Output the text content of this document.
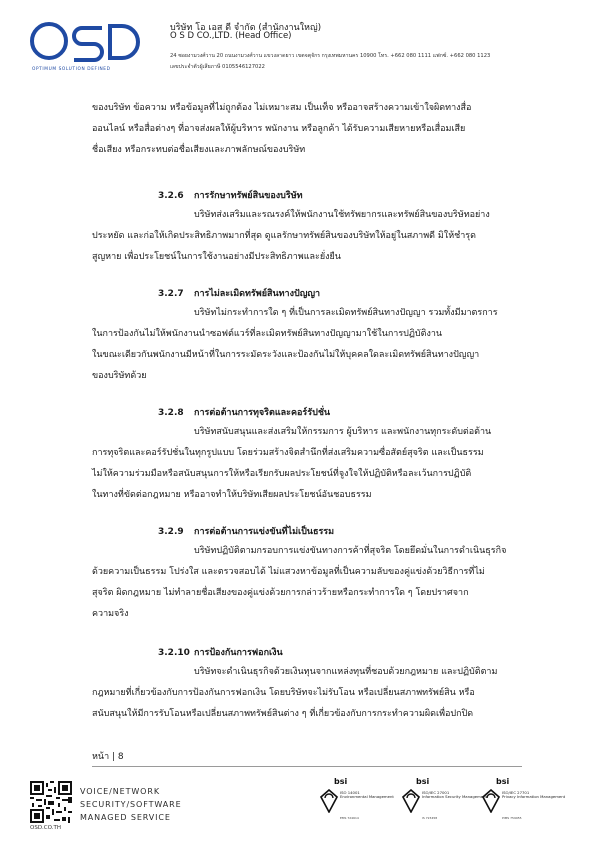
OPTIMUM SOLUTION DEFINED
บริษัท โอ เอส ดี จำกัด (สำนักงานใหญ่)
O S D CO.,LTD. (Head Office)
24 ซอยงามวงศ์วาน 20 ถนนงามวงศ์วาน แขวงลาดยาว เขตจตุจักร กรุงเทพมหานคร 10900 โทร. +662 080 1111 แฟกซ์. +662 080 1123
เลขประจำตัวผู้เสียภาษี 0105546127022
ของบริษัท ข้อความ หรือข้อมูลที่ไม่ถูกต้อง ไม่เหมาะสม เป็นเท็จ หรืออาจสร้างความเข้าใจผิดทางสื่อ
ออนไลน์ หรือสื่อต่างๆ ที่อาจส่งผลให้ผู้บริหาร พนักงาน หรือลูกค้า ได้รับความเสียหายหรือเสื่อมเสีย
ชื่อเสียง หรือกระทบต่อชื่อเสียงและภาพลักษณ์ของบริษัท
3.2.6 การรักษาทรัพย์สินของบริษัท
บริษัทส่งเสริมและรณรงค์ให้พนักงานใช้ทรัพยากรและทรัพย์สินของบริษัทอย่าง
ประหยัด และก่อให้เกิดประสิทธิภาพมากที่สุด ดูแลรักษาทรัพย์สินของบริษัทให้อยู่ในสภาพดี มิให้ชำรุด
สูญหาย เพื่อประโยชน์ในการใช้งานอย่างมีประสิทธิภาพและยั่งยืน
3.2.7 การไม่ละเมิดทรัพย์สินทางปัญญา
บริษัทไม่กระทำการใด ๆ ที่เป็นการละเมิดทรัพย์สินทางปัญญา รวมทั้งมีมาตรการ
ในการป้องกันไม่ให้พนักงานนำซอฟต์แวร์ที่ละเมิดทรัพย์สินทางปัญญามาใช้ในการปฏิบัติงาน
ในขณะเดียวกันพนักงานมีหน้าที่ในการระมัดระวังและป้องกันไม่ให้บุคคลใดละเมิดทรัพย์สินทางปัญญา
ของบริษัทด้วย
3.2.8 การต่อต้านการทุจริตและคอร์รัปชั่น
บริษัทสนับสนุนและส่งเสริมให้กรรมการ ผู้บริหาร และพนักงานทุกระดับต่อต้าน
การทุจริตและคอร์รัปชั่นในทุกรูปแบบ โดยร่วมสร้างจิตสำนึกที่ส่งเสริมความซื่อสัตย์สุจริต และเป็นธรรม
ไม่ให้ความร่วมมือหรือสนับสนุนการให้หรือเรียกรับผลประโยชน์ที่จูงใจให้ปฏิบัติหรือละเว้นการปฏิบัติ
ในทางที่ขัดต่อกฎหมาย หรืออาจทำให้บริษัทเสียผลประโยชน์อันชอบธรรม
3.2.9 การต่อต้านการแข่งขันที่ไม่เป็นธรรม
บริษัทปฏิบัติตามกรอบการแข่งขันทางการค้าที่สุจริต โดยยึดมั่นในการดำเนินธุรกิจ
ด้วยความเป็นธรรม โปร่งใส และตรวจสอบได้ ไม่แสวงหาข้อมูลที่เป็นความลับของคู่แข่งด้วยวิธีการที่ไม่
สุจริต ผิดกฎหมาย ไม่ทำลายชื่อเสียงของคู่แข่งด้วยการกล่าวร้ายหรือกระทำการใด ๆ โดยปราศจาก
ความจริง
3.2.10 การป้องกันการฟอกเงิน
บริษัทจะดำเนินธุรกิจด้วยเงินทุนจากแหล่งทุนที่ชอบด้วยกฎหมาย และปฏิบัติตาม
กฎหมายที่เกี่ยวข้องกับการป้องกันการฟอกเงิน โดยบริษัทจะไม่รับโอน หรือเปลี่ยนสภาพทรัพย์สิน หรือ
สนับสนุนให้มีการรับโอนหรือเปลี่ยนสภาพทรัพย์สินต่าง ๆ ที่เกี่ยวข้องกับการกระทำความผิดเพื่อปกปิด
หน้า | 8
OSD.CO.TH
VOICE/NETWORK
SECURITY/SOFTWARE
MANAGED SERVICE
bsi
ISO 14001
Environmental Management
EMS 724614
bsi
ISO/IEC 27001
Information Security Management
IS 723458
bsi
ISO/IEC 27701
Privacy Information Management
PIMS 759955
